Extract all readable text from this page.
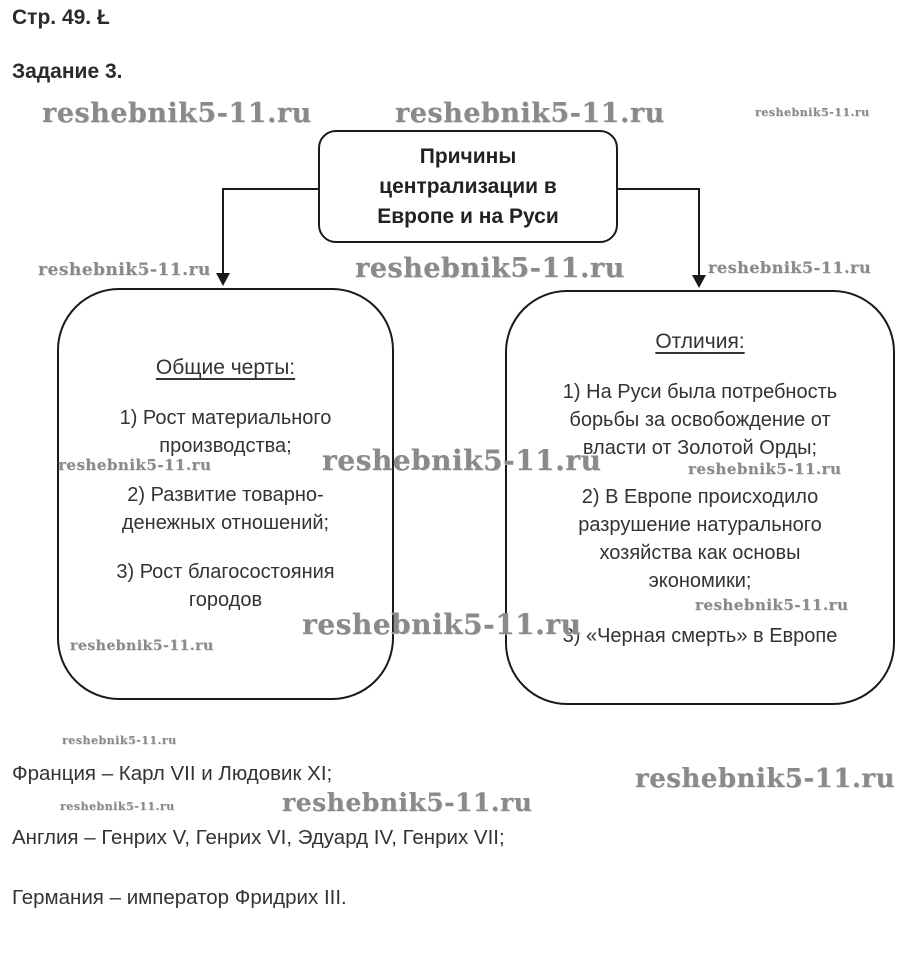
Стр. 49. Ł
Задание 3.
reshebnik5-11.ru	reshebnik5-11.ru	reshebnik5-11.ru
reshebnik5-11.ru	reshebnik5-11.ru	reshebnik5-11.ru
reshebnik5-11.ru	reshebnik5-11.ru	reshebnik5-11.ru
reshebnik5-11.ru
reshebnik5-11.ru
reshebnik5-11.ru
reshebnik5-11.ru
reshebnik5-11.ru
reshebnik5-11.ru	reshebnik5-11.ru
Причины
централизации в
Европе и на Руси
Общие черты:
1) Рост материального
производства;
2) Развитие товарно-
денежных отношений;
3) Рост благосостояния
городов
Отличия:
1) На Руси была потребность
борьбы за освобождение от
власти от Золотой Орды;
2) В Европе происходило
разрушение натурального
хозяйства как основы
экономики;
3) «Черная смерть» в Европе
Франция – Карл VII и Людовик XI;
Англия – Генрих V, Генрих VI, Эдуард IV, Генрих VII;
Германия – император Фридрих III.
